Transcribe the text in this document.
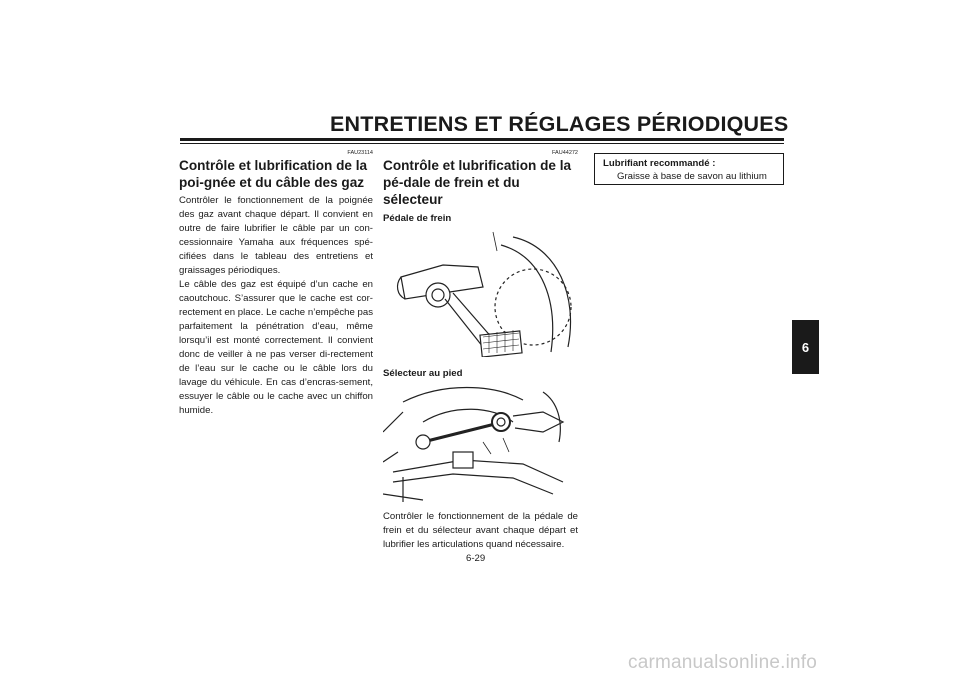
ENTRETIENS ET RÉGLAGES PÉRIODIQUES
6
FAU23114
Contrôle et lubrification de la poi-gnée et du câble des gaz

Contrôler le fonctionnement de la poignée des gaz avant chaque départ. Il convient en outre de faire lubrifier le câble par un con-cessionnaire Yamaha aux fréquences spé-cifiées dans le tableau des entretiens et graissages périodiques.

Le câble des gaz est équipé d’un cache en caoutchouc. S’assurer que le cache est cor-rectement en place. Le cache n’empêche pas parfaitement la pénétration d’eau, même lorsqu’il est monté correctement. Il convient donc de veiller à ne pas verser di-rectement de l’eau sur le cache ou le câble lors du lavage du véhicule. En cas d’encras-sement, essuyer le câble ou le cache avec un chiffon humide.

FAU44272
Contrôle et lubrification de la pé-dale de frein et du sélecteur
Pédale de frein
Sélecteur au pied

Contrôler le fonctionnement de la pédale de frein et du sélecteur avant chaque départ et lubrifier les articulations quand nécessaire.

Lubrifiant recommandé :
Graisse à base de savon au lithium
6-29
carmanualsonline.info
